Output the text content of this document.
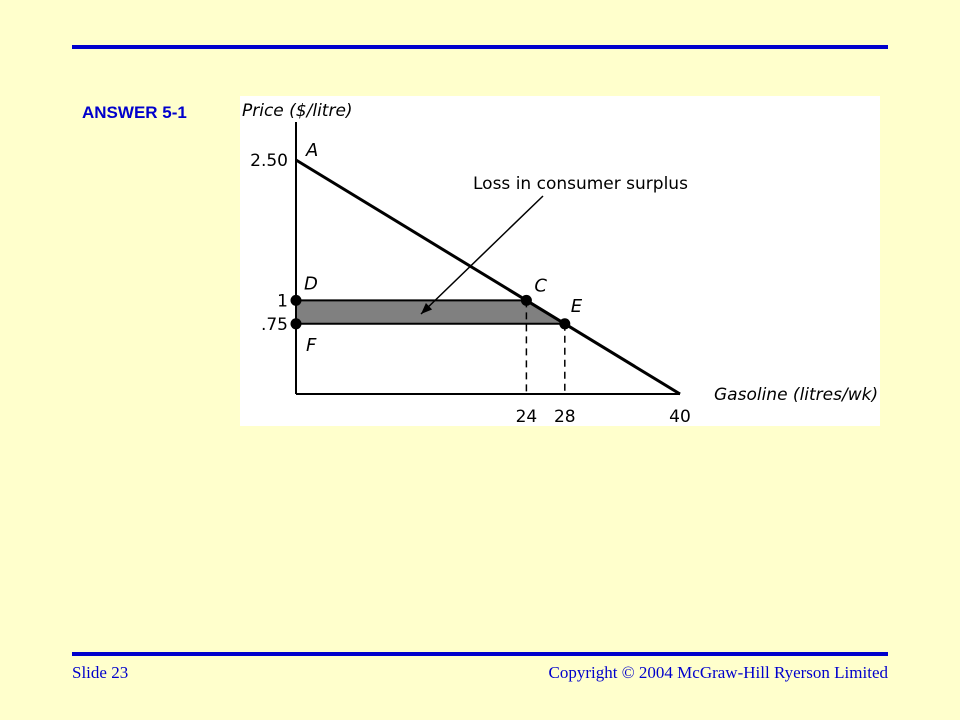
ANSWER 5-1
A
D	C
F
E
2.50
1
.75
24 28	40
Price ($/litre)
Gasoline (litres/wk)
Loss in consumer surplus
Slide 23	Copyright © 2004 McGraw-Hill Ryerson Limited
